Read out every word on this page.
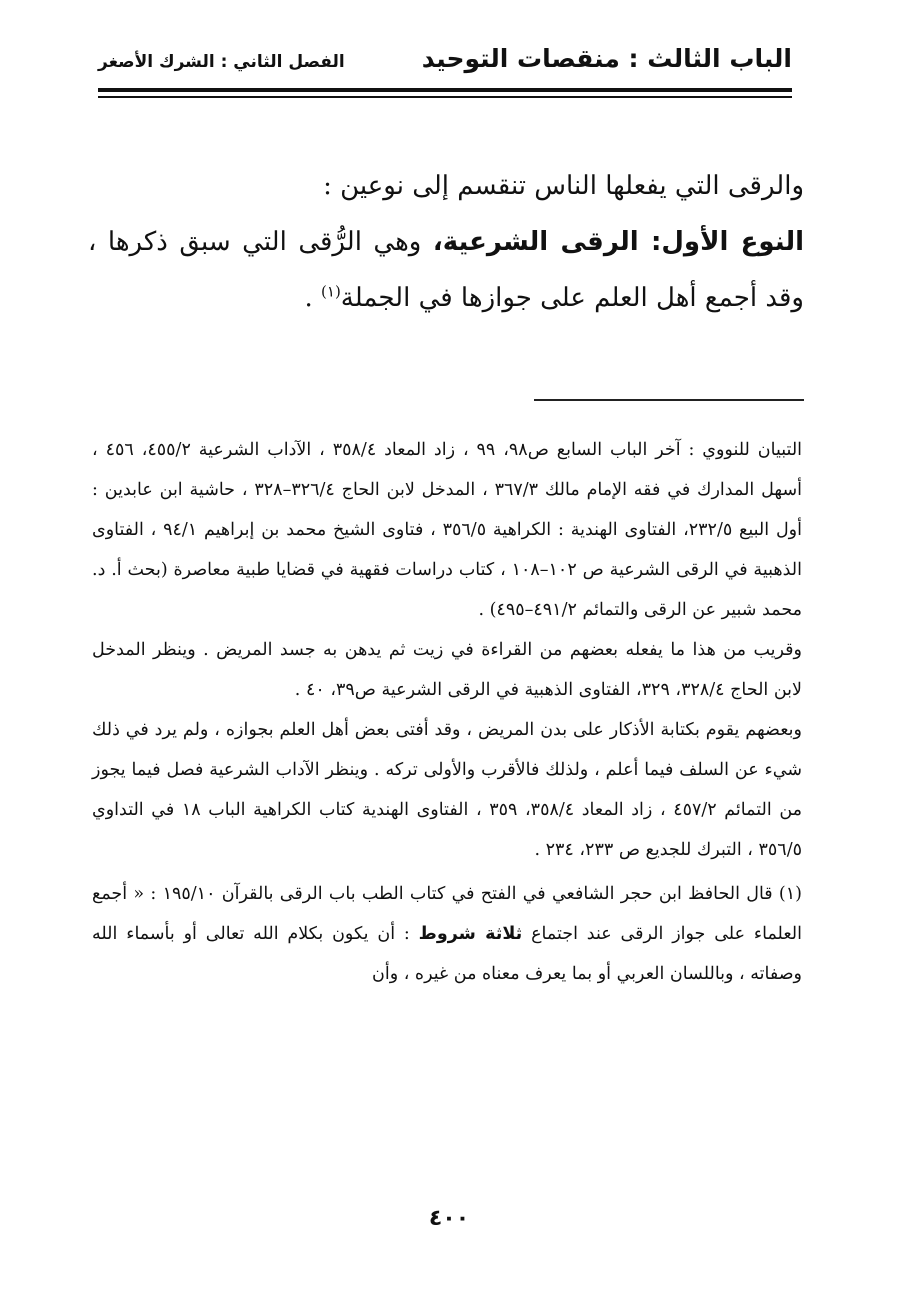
الباب الثالث : منقصات التوحيد
الفصل الثاني : الشرك الأصغر

والرقى التي يفعلها الناس تنقسم إلى نوعين :

النوع الأول: الرقى الشرعية، وهي الرُّقى التي سبق ذكرها ، وقد أجمع أهل العلم على جوازها في الجملة$^{(١)}$ .

التبيان للنووي : آخر الباب السابع ص٩٨، ٩٩ ، زاد المعاد ٣٥٨/٤ ، الآداب الشرعية ٤٥٥/٢، ٤٥٦ ، أسهل المدارك في فقه الإمام مالك ٣٦٧/٣ ، المدخل لابن الحاج ٣٢٦/٤–٣٢٨ ، حاشية ابن عابدين : أول البيع ٢٣٢/٥، الفتاوى الهندية : الكراهية ٣٥٦/٥ ، فتاوى الشيخ محمد بن إبراهيم ٩٤/١ ، الفتاوى الذهبية في الرقى الشرعية ص ١٠٢–١٠٨ ، كتاب دراسات فقهية في قضايا طبية معاصرة (بحث أ. د. محمد شبير عن الرقى والتمائم ٤٩١/٢–٤٩٥) .

وقريب من هذا ما يفعله بعضهم من القراءة في زيت ثم يدهن به جسد المريض . وينظر المدخل لابن الحاج ٣٢٨/٤، ٣٢٩، الفتاوى الذهبية في الرقى الشرعية ص٣٩، ٤٠ .

وبعضهم يقوم بكتابة الأذكار على بدن المريض ، وقد أفتى بعض أهل العلم بجوازه ، ولم يرد في ذلك شيء عن السلف فيما أعلم ، ولذلك فالأقرب والأولى تركه . وينظر الآداب الشرعية فصل فيما يجوز من التمائم ٤٥٧/٢ ، زاد المعاد ٣٥٨/٤، ٣٥٩ ، الفتاوى الهندية كتاب الكراهية الباب ١٨ في التداوي ٣٥٦/٥ ، التبرك للجديع ص ٢٣٣، ٢٣٤ .

(١) قال الحافظ ابن حجر الشافعي في الفتح في كتاب الطب باب الرقى بالقرآن ١٩٥/١٠ : « أجمع العلماء على جواز الرقى عند اجتماع ثلاثة شروط : أن يكون بكلام الله تعالى أو بأسماء الله وصفاته ، وباللسان العربي أو بما يعرف معناه من غيره ، وأن

٤٠٠
